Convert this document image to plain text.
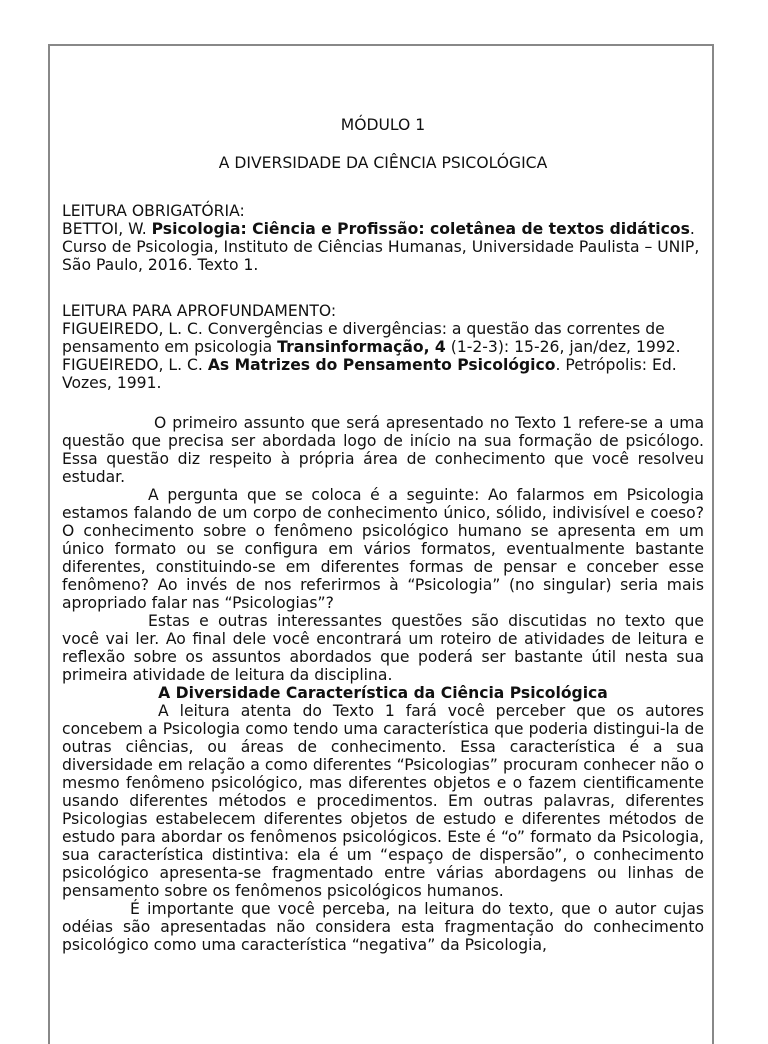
MÓDULO 1
A DIVERSIDADE DA CIÊNCIA PSICOLÓGICA
LEITURA OBRIGATÓRIA:
BETTOI, W. Psicologia: Ciência e Profissão: coletânea de textos didáticos. Curso de Psicologia, Instituto de Ciências Humanas, Universidade Paulista – UNIP, São Paulo, 2016. Texto 1.
LEITURA PARA APROFUNDAMENTO:
FIGUEIREDO, L. C. Convergências e divergências: a questão das correntes de pensamento em psicologia Transinformação, 4 (1-2-3): 15-26, jan/dez, 1992.
FIGUEIREDO, L. C. As Matrizes do Pensamento Psicológico. Petrópolis: Ed. Vozes, 1991.

O primeiro assunto que será apresentado no Texto 1 refere-se a uma questão que precisa ser abordada logo de início na sua formação de psicólogo. Essa questão diz respeito à própria área de conhecimento que você resolveu estudar.

A pergunta que se coloca é a seguinte: Ao falarmos em Psicologia estamos falando de um corpo de conhecimento único, sólido, indivisível e coeso? O conhecimento sobre o fenômeno psicológico humano se apresenta em um único formato ou se configura em vários formatos, eventualmente bastante diferentes, constituindo-se em diferentes formas de pensar e conceber esse fenômeno? Ao invés de nos referirmos à “Psicologia” (no singular) seria mais apropriado falar nas “Psicologias”?

Estas e outras interessantes questões são discutidas no texto que você vai ler. Ao final dele você encontrará um roteiro de atividades de leitura e reflexão sobre os assuntos abordados que poderá ser bastante útil nesta sua primeira atividade de leitura da disciplina.

A Diversidade Característica da Ciência Psicológica

A leitura atenta do Texto 1 fará você perceber que os autores concebem a Psicologia como tendo uma característica que poderia distingui-la de outras ciências, ou áreas de conhecimento. Essa característica é a sua diversidade em relação a como diferentes “Psicologias” procuram conhecer não o mesmo fenômeno psicológico, mas diferentes objetos e o fazem cientificamente usando diferentes métodos e procedimentos. Em outras palavras, diferentes Psicologias estabelecem diferentes objetos de estudo e diferentes métodos de estudo para abordar os fenômenos psicológicos. Este é “o” formato da Psicologia, sua característica distintiva: ela é um “espaço de dispersão”, o conhecimento psicológico apresenta-se fragmentado entre várias abordagens ou linhas de pensamento sobre os fenômenos psicológicos humanos.

É importante que você perceba, na leitura do texto, que o autor cujas odéias são apresentadas não considera esta fragmentação do conhecimento psicológico como uma característica “negativa” da Psicologia,
